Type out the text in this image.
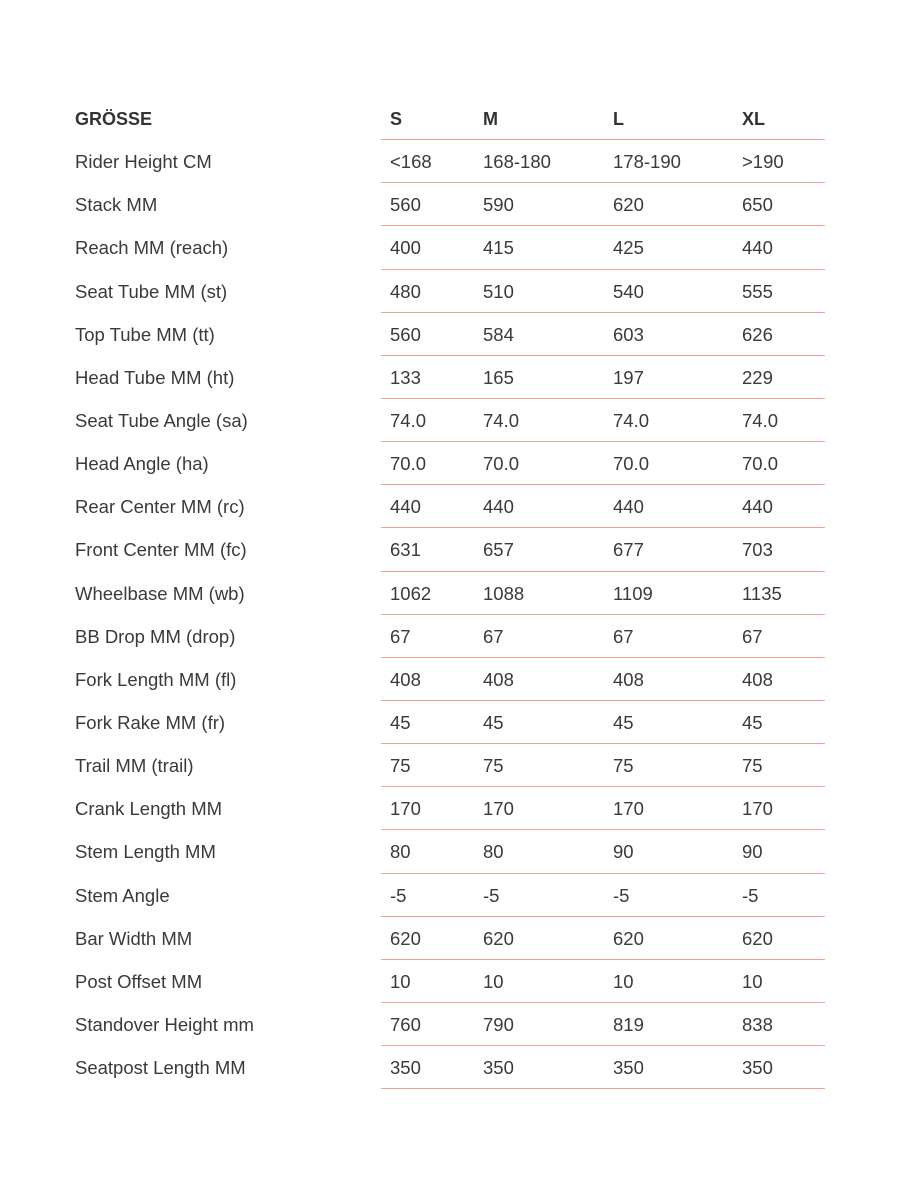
GRÖSSE	S	M	L	XL
Rider Height CM	<168	168-180	178-190	>190
Stack MM	560	590	620	650
Reach MM (reach)	400	415	425	440
Seat Tube MM (st)	480	510	540	555
Top Tube MM (tt)	560	584	603	626
Head Tube MM (ht)	133	165	197	229
Seat Tube Angle (sa)	74.0	74.0	74.0	74.0
Head Angle (ha)	70.0	70.0	70.0	70.0
Rear Center MM (rc)	440	440	440	440
Front Center MM (fc)	631	657	677	703
Wheelbase MM (wb)	1062	1088	1109	1135
BB Drop MM (drop)	67	67	67	67
Fork Length MM (fl)	408	408	408	408
Fork Rake MM (fr)	45	45	45	45
Trail MM (trail)	75	75	75	75
Crank Length MM	170	170	170	170
Stem Length MM	80	80	90	90
Stem Angle	-5	-5	-5	-5
Bar Width MM	620	620	620	620
Post Offset MM	10	10	10	10
Standover Height mm	760	790	819	838
Seatpost Length MM	350	350	350	350
